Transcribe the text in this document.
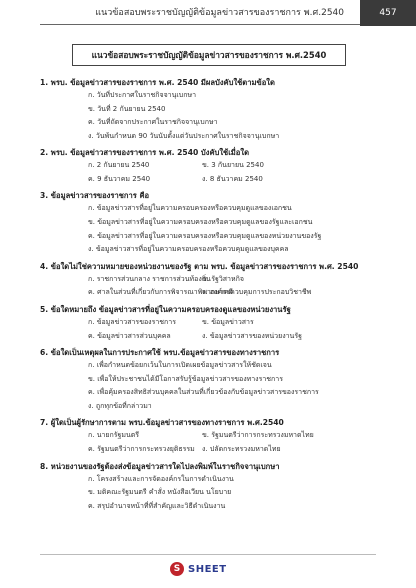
แนวข้อสอบพระราชบัญญัติข้อมูลข่าวสารของราชการ พ.ศ.2540	457
แนวข้อสอบพระราชบัญญัติข้อมูลข่าวสารของราชการ พ.ศ.2540
1. พรบ. ข้อมูลข่าวสารของราชการ พ.ศ. 2540 มีผลบังคับใช้ตามข้อใด
ก. วันที่ประกาศในราชกิจจานุเบกษา
ข. วันที่ 2 กันยายน 2540
ค. วันที่ถัดจากประกาศในราชกิจจานุเบกษา
ง. วันพ้นกำหนด 90 วันนับตั้งแต่วันประกาศในราชกิจจานุเบกษา
2. พรบ. ข้อมูลข่าวสารของราชการ พ.ศ. 2540 บังคับใช้เมื่อใด
ก. 2 กันยายน 2540	ข. 3 กันยายน 2540
ค. 9 ธันวาคม 2540	ง. 8 ธันวาคม 2540
3. ข้อมูลข่าวสารของราชการ คือ
ก. ข้อมูลข่าวสารที่อยู่ในความครอบครองหรือควบคุมดูแลของเอกชน
ข. ข้อมูลข่าวสารที่อยู่ในความครอบครองหรือควบคุมดูแลของรัฐและเอกชน
ค. ข้อมูลข่าวสารที่อยู่ในความครอบครองหรือควบคุมดูแลของหน่วยงานของรัฐ
ง. ข้อมูลข่าวสารที่อยู่ในความครอบครองหรือควบคุมดูแลของบุคคล
4. ข้อใดไม่ใช่ความหมายของหน่วยงานของรัฐ ตาม พรบ. ข้อมูลข่าวสารของราชการ พ.ศ. 2540
ก. ราชการส่วนกลาง ราชการส่วนท้องถิ่น
ข. รัฐวิสาหกิจ
ค. ศาลในส่วนที่เกี่ยวกับการพิจารณาพิพากษาคดี
ง. องค์กรควบคุมการประกอบวิชาชีพ
5. ข้อใดหมายถึง ข้อมูลข่าวสารที่อยู่ในความครอบครองดูแลของหน่วยงานรัฐ
ก. ข้อมูลข่าวสารของราชการ	ข. ข้อมูลข่าวสาร
ค. ข้อมูลข่าวสารส่วนบุคคล	ง. ข้อมูลข่าวสารของหน่วยงานรัฐ
6. ข้อใดเป็นเหตุผลในการประกาศใช้ พรบ.ข้อมูลข่าวสารของทางราชการ
ก. เพื่อกำหนดข้อยกเว้นในการเปิดเผยข้อมูลข่าวสารให้ชัดเจน
ข. เพื่อให้ประชาชนได้มีโอกาสรับรู้ข้อมูลข่าวสารของทางราชการ
ค. เพื่อคุ้มครองสิทธิส่วนบุคคลในส่วนที่เกี่ยวข้องกับข้อมูลข่าวสารของราชการ
ง. ถูกทุกข้อที่กล่าวมา
7. ผู้ใดเป็นผู้รักษาการตาม พรบ.ข้อมูลข่าวสารของทางราชการ พ.ศ.2540
ก. นายกรัฐมนตรี	ข. รัฐมนตรีว่าการกระทรวงมหาดไทย
ค. รัฐมนตรีว่าการกระทรวงยุติธรรม	ง. ปลัดกระทรวงมหาดไทย
8. หน่วยงานของรัฐต้องส่งข้อมูลข่าวสารใดไปลงพิมพ์ในราชกิจจานุเบกษา
ก. โครงสร้างและการจัดองค์กรในการดำเนินงาน
ข. มติคณะรัฐมนตรี คำสั่ง หนังสือเวียน นโยบาย
ค. สรุปอำนาจหน้าที่ที่สำคัญและวิธีดำเนินงาน
S SHEET
